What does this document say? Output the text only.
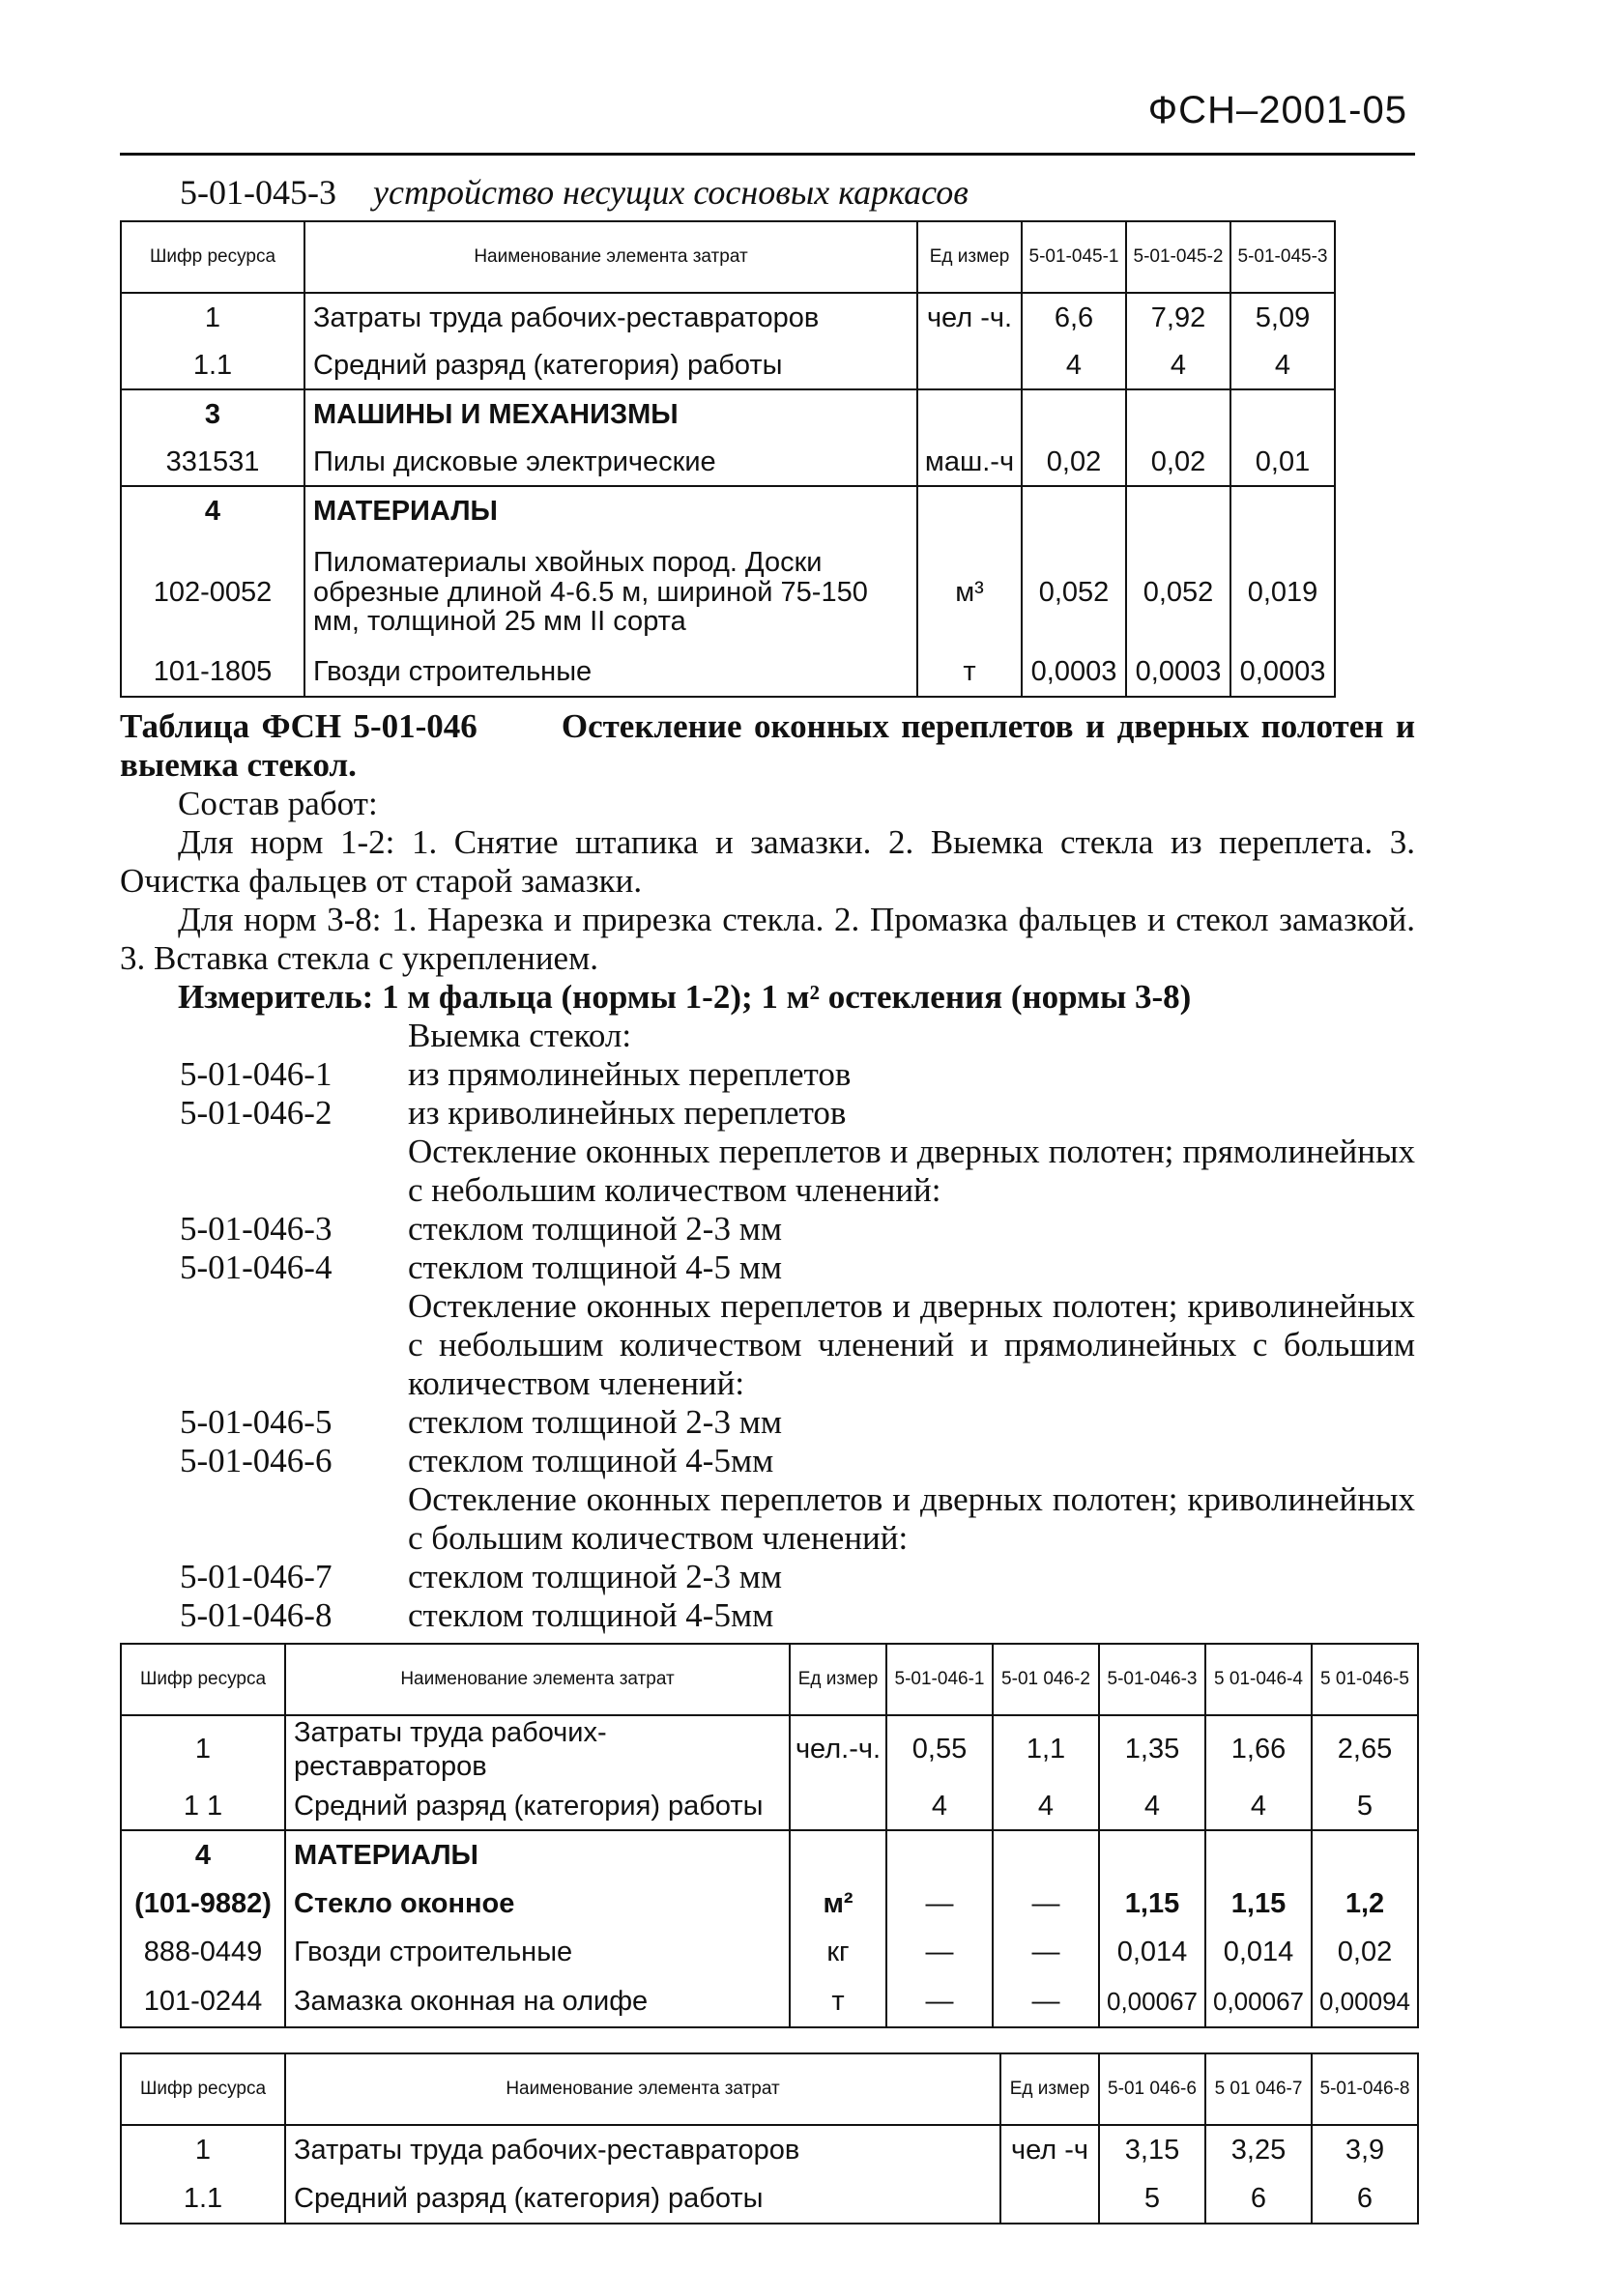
ФСН–2001-05
5-01-045-3 устройство несущих сосновых каркасов
Шифр ресурса	Наименование элемента затрат	Ед измер	5-01-045-1	5-01-045-2	5-01-045-3
1	Затраты труда рабочих-реставраторов	чел -ч.	6,6	7,92	5,09
1.1	Средний разряд (категория) работы		4	4	4
3	МАШИНЫ И МЕХАНИЗМЫ				
331531	Пилы дисковые электрические	маш.-ч	0,02	0,02	0,01
4	МАТЕРИАЛЫ				
102-0052	Пиломатериалы хвойных пород. Доски обрезные длиной 4-6.5 м, шириной 75-150 мм, толщиной 25 мм II сорта	м³	0,052	0,052	0,019
101-1805	Гвозди строительные	т	0,0003	0,0003	0,0003

Таблица ФСН 5-01-046 Остекление оконных переплетов и дверных полотен и выемка стекол.

Состав работ:

Для норм 1-2: 1. Снятие штапика и замазки. 2. Выемка стекла из переплета. 3. Очистка фальцев от старой замазки.

Для норм 3-8: 1. Нарезка и прирезка стекла. 2. Промазка фальцев и стекол замазкой. 3. Вставка стекла с укреплением.

Измеритель: 1 м фальца (нормы 1-2); 1 м² остекления (нормы 3-8)

Выемка стекол:

5-01-046-1	из прямолинейных переплетов
5-01-046-2	из криволинейных переплетов

Остекление оконных переплетов и дверных полотен; прямолинейных с небольшим количеством членений:

5-01-046-3	стеклом толщиной 2-3 мм
5-01-046-4	стеклом толщиной 4-5 мм

Остекление оконных переплетов и дверных полотен; криволинейных с небольшим количеством членений и прямолинейных с большим количеством членений:

5-01-046-5	стеклом толщиной 2-3 мм
5-01-046-6	стеклом толщиной 4-5мм

Остекление оконных переплетов и дверных полотен; криволинейных с большим количеством членений:

5-01-046-7	стеклом толщиной 2-3 мм
5-01-046-8	стеклом толщиной 4-5мм
Шифр ресурса	Наименование элемента затрат	Ед измер	5-01-046-1	5-01 046-2	5-01-046-3	5 01-046-4	5 01-046-5
1	Затраты труда рабочих-реставраторов	чел.-ч.	0,55	1,1	1,35	1,66	2,65
1 1	Средний разряд (категория) работы		4	4	4	4	5
4	МАТЕРИАЛЫ						
(101-9882)	Стекло оконное	м²	—	—	1,15	1,15	1,2
888-0449	Гвозди строительные	кг	—	—	0,014	0,014	0,02
101-0244	Замазка оконная на олифе	т	—	—	0,00067	0,00067	0,00094
Шифр ресурса	Наименование элемента затрат	Ед измер	5-01 046-6	5 01 046-7	5-01-046-8
1	Затраты труда рабочих-реставраторов	чел -ч	3,15	3,25	3,9
1.1	Средний разряд (категория) работы		5	6	6
